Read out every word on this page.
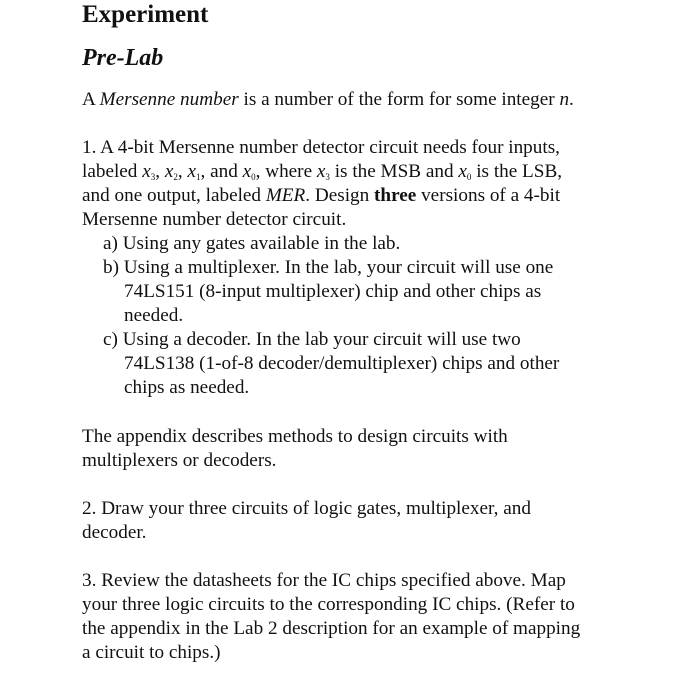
Experiment
Pre-Lab
A Mersenne number is a number of the form for some integer n.
1. A 4-bit Mersenne number detector circuit needs four inputs,
labeled $x_3$, $x_2$, $x_1$, and $x_0$, where $x_3$ is the MSB and $x_0$ is the LSB,
and one output, labeled MER. Design three versions of a 4-bit
Mersenne number detector circuit.
a) Using any gates available in the lab.
b) Using a multiplexer. In the lab, your circuit will use one
74LS151 (8-input multiplexer) chip and other chips as
needed.
c) Using a decoder. In the lab your circuit will use two
74LS138 (1-of-8 decoder/demultiplexer) chips and other
chips as needed.
The appendix describes methods to design circuits with
multiplexers or decoders.
2. Draw your three circuits of logic gates, multiplexer, and
decoder.
3. Review the datasheets for the IC chips specified above. Map
your three logic circuits to the corresponding IC chips. (Refer to
the appendix in the Lab 2 description for an example of mapping
a circuit to chips.)
